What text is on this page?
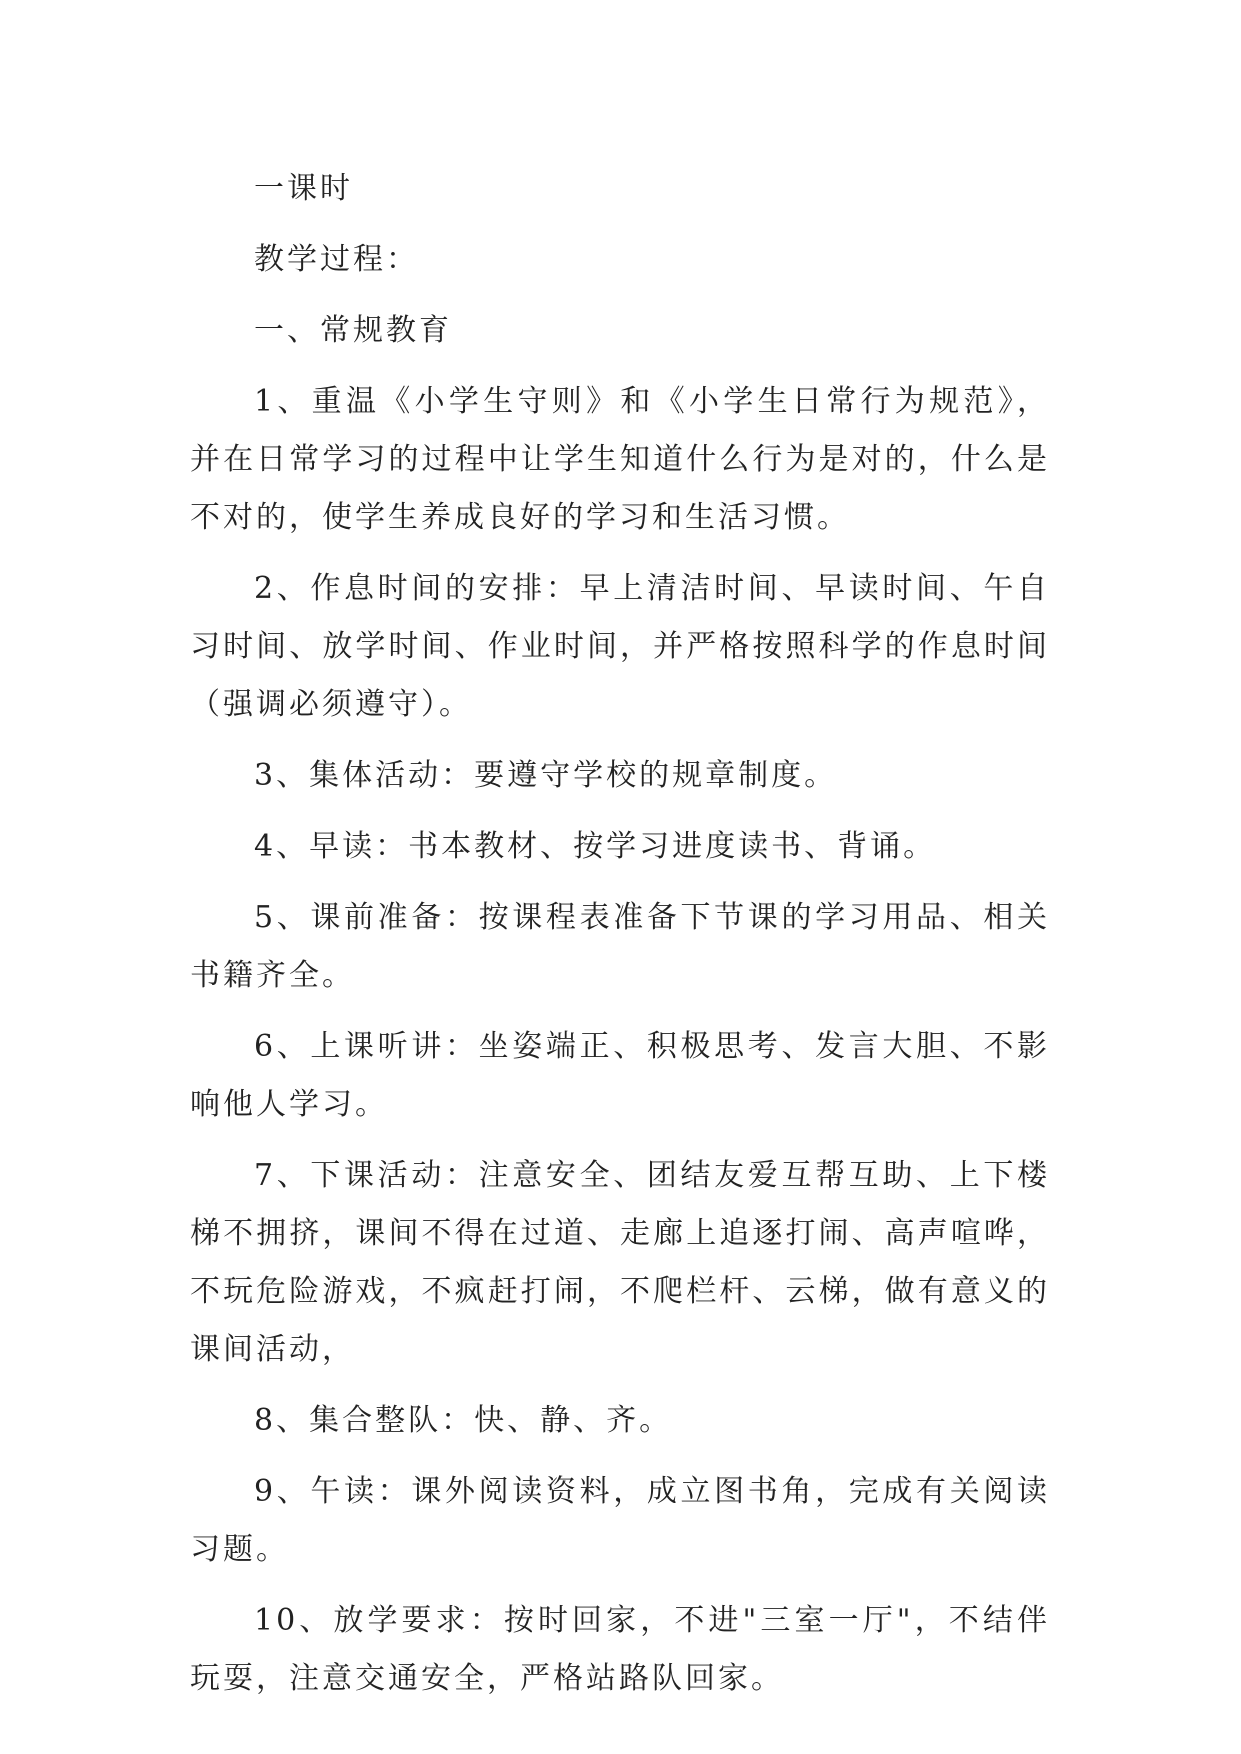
一课时

教学过程：

一、常规教育

1、重温《小学生守则》和《小学生日常行为规范》，并在日常学习的过程中让学生知道什么行为是对的，什么是不对的，使学生养成良好的学习和生活习惯。

2、作息时间的安排：早上清洁时间、早读时间、午自习时间、放学时间、作业时间，并严格按照科学的作息时间（强调必须遵守）。

3、集体活动：要遵守学校的规章制度。

4、早读：书本教材、按学习进度读书、背诵。

5、课前准备：按课程表准备下节课的学习用品、相关书籍齐全。

6、上课听讲：坐姿端正、积极思考、发言大胆、不影响他人学习。

7、下课活动：注意安全、团结友爱互帮互助、上下楼梯不拥挤，课间不得在过道、走廊上追逐打闹、高声喧哗，不玩危险游戏，不疯赶打闹，不爬栏杆、云梯，做有意义的课间活动，

8、集合整队：快、静、齐。

9、午读：课外阅读资料，成立图书角，完成有关阅读习题。

10、放学要求：按时回家，不进"三室一厅"，不结伴玩耍，注意交通安全，严格站路队回家。
